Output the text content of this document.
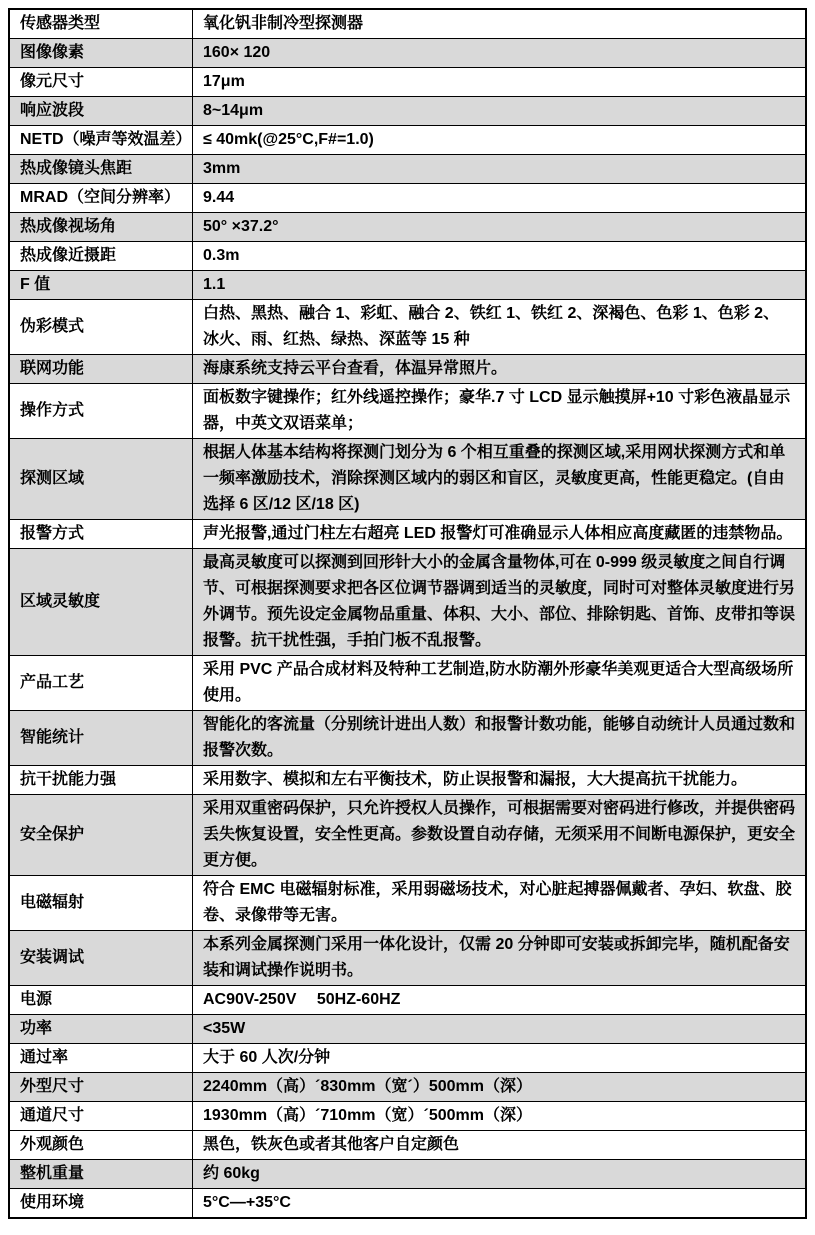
传感器类型	氧化钒非制冷型探测器
图像像素	160× 120
像元尺寸	17μm
响应波段	8~14μm
NETD（噪声等效温差）	≤ 40mk(@25°C,F#=1.0)
热成像镜头焦距	3mm
MRAD（空间分辨率）	9.44
热成像视场角	50° ×37.2°
热成像近摄距	0.3m
F 值	1.1
伪彩模式	白热、黑热、融合 1、彩虹、融合 2、铁红 1、铁红 2、深褐色、色彩 1、色彩 2、冰火、雨、红热、绿热、深蓝等 15 种
联网功能	海康系统支持云平台查看，体温异常照片。
操作方式	面板数字键操作；红外线遥控操作；豪华.7 寸 LCD 显示触摸屏+10 寸彩色液晶显示器，中英文双语菜单；
探测区域	根据人体基本结构将探测门划分为 6 个相互重叠的探测区域,采用网状探测方式和单一频率激励技术，消除探测区域内的弱区和盲区，灵敏度更高，性能更稳定。(自由选择 6 区/12 区/18 区)
报警方式	声光报警,通过门柱左右超亮 LED 报警灯可准确显示人体相应高度藏匿的违禁物品。
区域灵敏度	最高灵敏度可以探测到回形针大小的金属含量物体,可在 0-999 级灵敏度之间自行调节、可根据探测要求把各区位调节器调到适当的灵敏度，同时可对整体灵敏度进行另外调节。预先设定金属物品重量、体积、大小、部位、排除钥匙、首饰、皮带扣等误报警。抗干扰性强，手拍门板不乱报警。
产品工艺	采用 PVC 产品合成材料及特种工艺制造,防水防潮外形豪华美观更适合大型高级场所使用。
智能统计	智能化的客流量（分别统计进出人数）和报警计数功能，能够自动统计人员通过数和报警次数。
抗干扰能力强	采用数字、模拟和左右平衡技术，防止误报警和漏报，大大提高抗干扰能力。
安全保护	采用双重密码保护，只允许授权人员操作，可根据需要对密码进行修改，并提供密码丢失恢复设置，安全性更高。参数设置自动存储，无须采用不间断电源保护，更安全更方便。
电磁辐射	符合 EMC 电磁辐射标准，采用弱磁场技术，对心脏起搏器佩戴者、孕妇、软盘、胶卷、录像带等无害。
安装调试	本系列金属探测门采用一体化设计，仅需 20 分钟即可安装或拆卸完毕，随机配备安装和调试操作说明书。
电源	AC90V-250V　 50HZ-60HZ
功率	<35W
通过率	大于 60 人次/分钟
外型尺寸	2240mm（高）´830mm（宽´）500mm（深）
通道尺寸	1930mm（高）´710mm（宽）´500mm（深）
外观颜色	黑色，铁灰色或者其他客户自定颜色
整机重量	约 60kg
使用环境	5°C—+35°C
